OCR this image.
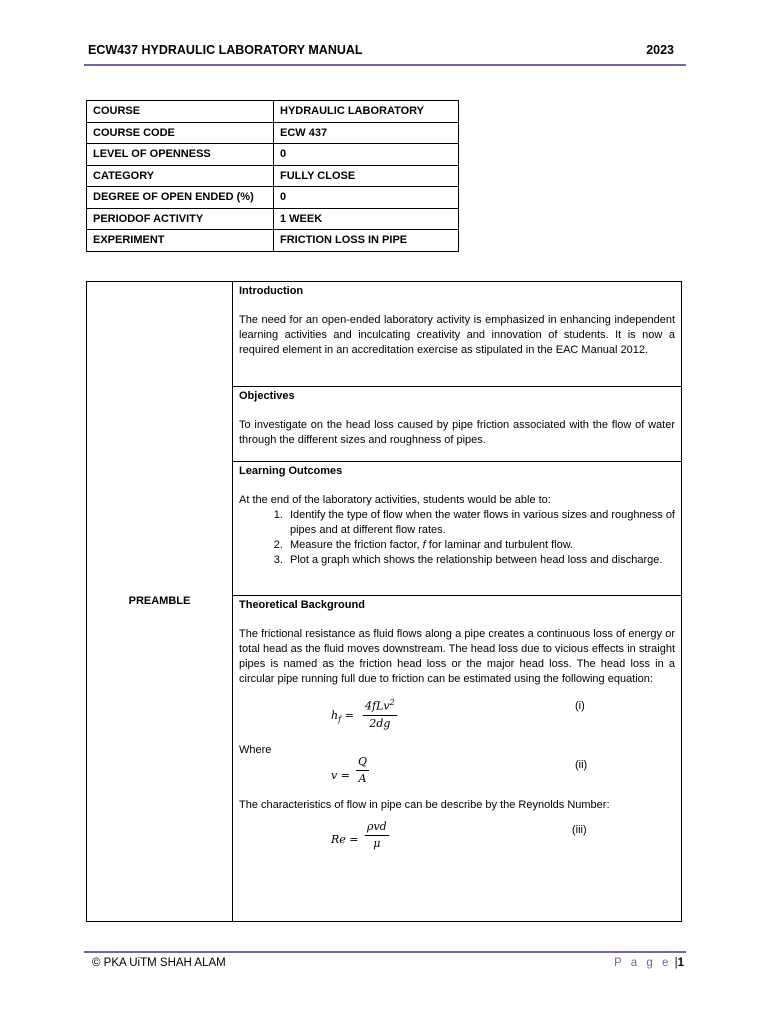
ECW437 HYDRAULIC LABORATORY MANUAL	2023
COURSE	HYDRAULIC LABORATORY
COURSE CODE	ECW 437
LEVEL OF OPENNESS	0
CATEGORY	FULLY CLOSE
DEGREE OF OPEN ENDED (%)	0
PERIODOF ACTIVITY	1 WEEK
EXPERIMENT	FRICTION LOSS IN PIPE
PREAMBLE	
Introduction
The need for an open-ended laboratory activity is emphasized in enhancing independent learning activities and inculcating creativity and innovation of students. It is now a required element in an accreditation exercise as stipulated in the EAC Manual 2012.

Objectives
To investigate on the head loss caused by pipe friction associated with the flow of water through the different sizes and roughness of pipes.

Learning Outcomes
At the end of the laboratory activities, students would be able to:
1. Identify the type of flow when the water flows in various sizes and roughness of pipes and at different flow rates.
2. Measure the friction factor, f for laminar and turbulent flow.
3. Plot a graph which shows the relationship between head loss and discharge.

Theoretical Background
The frictional resistance as fluid flows along a pipe creates a continuous loss of energy or total head as the fluid moves downstream. The head loss due to vicious effects in straight pipes is named as the friction head loss or the major head loss. The head loss in a circular pipe running full due to friction can be estimated using the following equation:
$h_f$ =
4fLv$^2$
2dg
(i)
Where
$v = \frac{Q}{A}$	(ii)
The characteristics of flow in pipe can be describe by the Reynolds Number:
Re =
ρvd
μ
(iii)
© PKA UiTM SHAH ALAM	P a g e |1
